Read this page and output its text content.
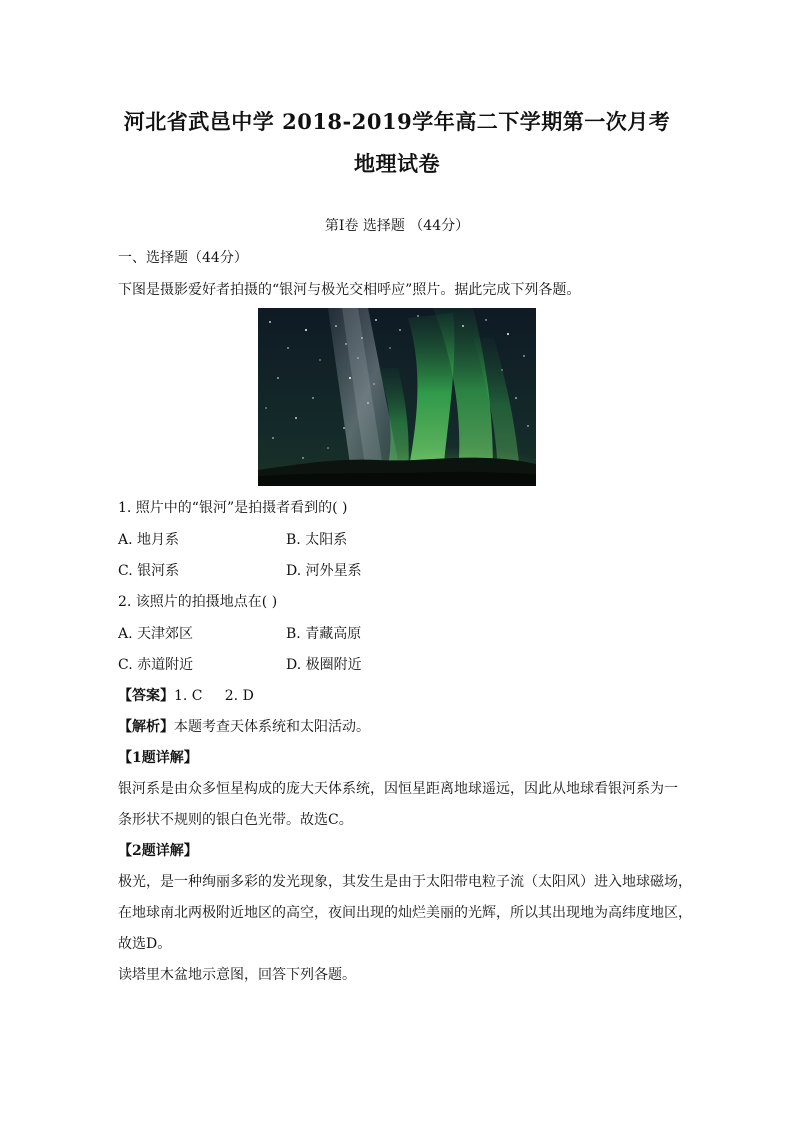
河北省武邑中学 2018-2019学年高二下学期第一次月考
地理试卷
第Ⅰ卷 选择题 （44分）
一、选择题（44分）
下图是摄影爱好者拍摄的“银河与极光交相呼应”照片。据此完成下列各题。
1. 照片中的“银河”是拍摄者看到的( )
A. 地月系	B. 太阳系
C. 银河系	D. 河外星系
2. 该照片的拍摄地点在( )
A. 天津郊区	B. 青藏高原
C. 赤道附近	D. 极圈附近
【答案】1. C     2. D
【解析】本题考查天体系统和太阳活动。
【1题详解】
银河系是由众多恒星构成的庞大天体系统，因恒星距离地球遥远，因此从地球看银河系为一
条形状不规则的银白色光带。故选C。
【2题详解】
极光，是一种绚丽多彩的发光现象，其发生是由于太阳带电粒子流（太阳风）进入地球磁场，
在地球南北两极附近地区的高空，夜间出现的灿烂美丽的光辉，所以其出现地为高纬度地区，
故选D。
读塔里木盆地示意图，回答下列各题。
